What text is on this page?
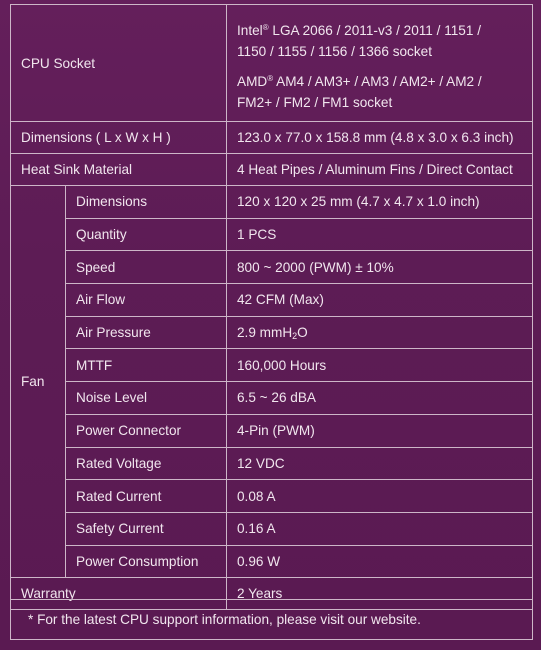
CPU Socket		Intel® LGA 2066 / 2011-v3 / 2011 / 1151 /
1150 / 1155 / 1156 / 1366 socket
AMD® AM4 / AM3+ / AM3 / AM2+ / AM2 /
FM2+ / FM2 / FM1 socket

Dimensions ( L x W x H )		123.0 x 77.0 x 158.8 mm (4.8 x 3.0 x 6.3 inch)
Heat Sink Material		4 Heat Pipes / Aluminum Fins / Direct Contact
Fan	Dimensions	120 x 120 x 25 mm (4.7 x 4.7 x 1.0 inch)
	Quantity	1 PCS
	Speed	800 ~ 2000 (PWM) ± 10%
	Air Flow	42 CFM (Max)
	Air Pressure	2.9 mmH$_2$O
	MTTF	160,000 Hours
	Noise Level	6.5 ~ 26 dBA
	Power Connector	4-Pin (PWM)
	Rated Voltage	12 VDC
	Rated Current	0.08 A
	Safety Current	0.16 A
	Power Consumption	0.96 W
Warranty		2 Years
* For the latest CPU support information, please visit our website.
